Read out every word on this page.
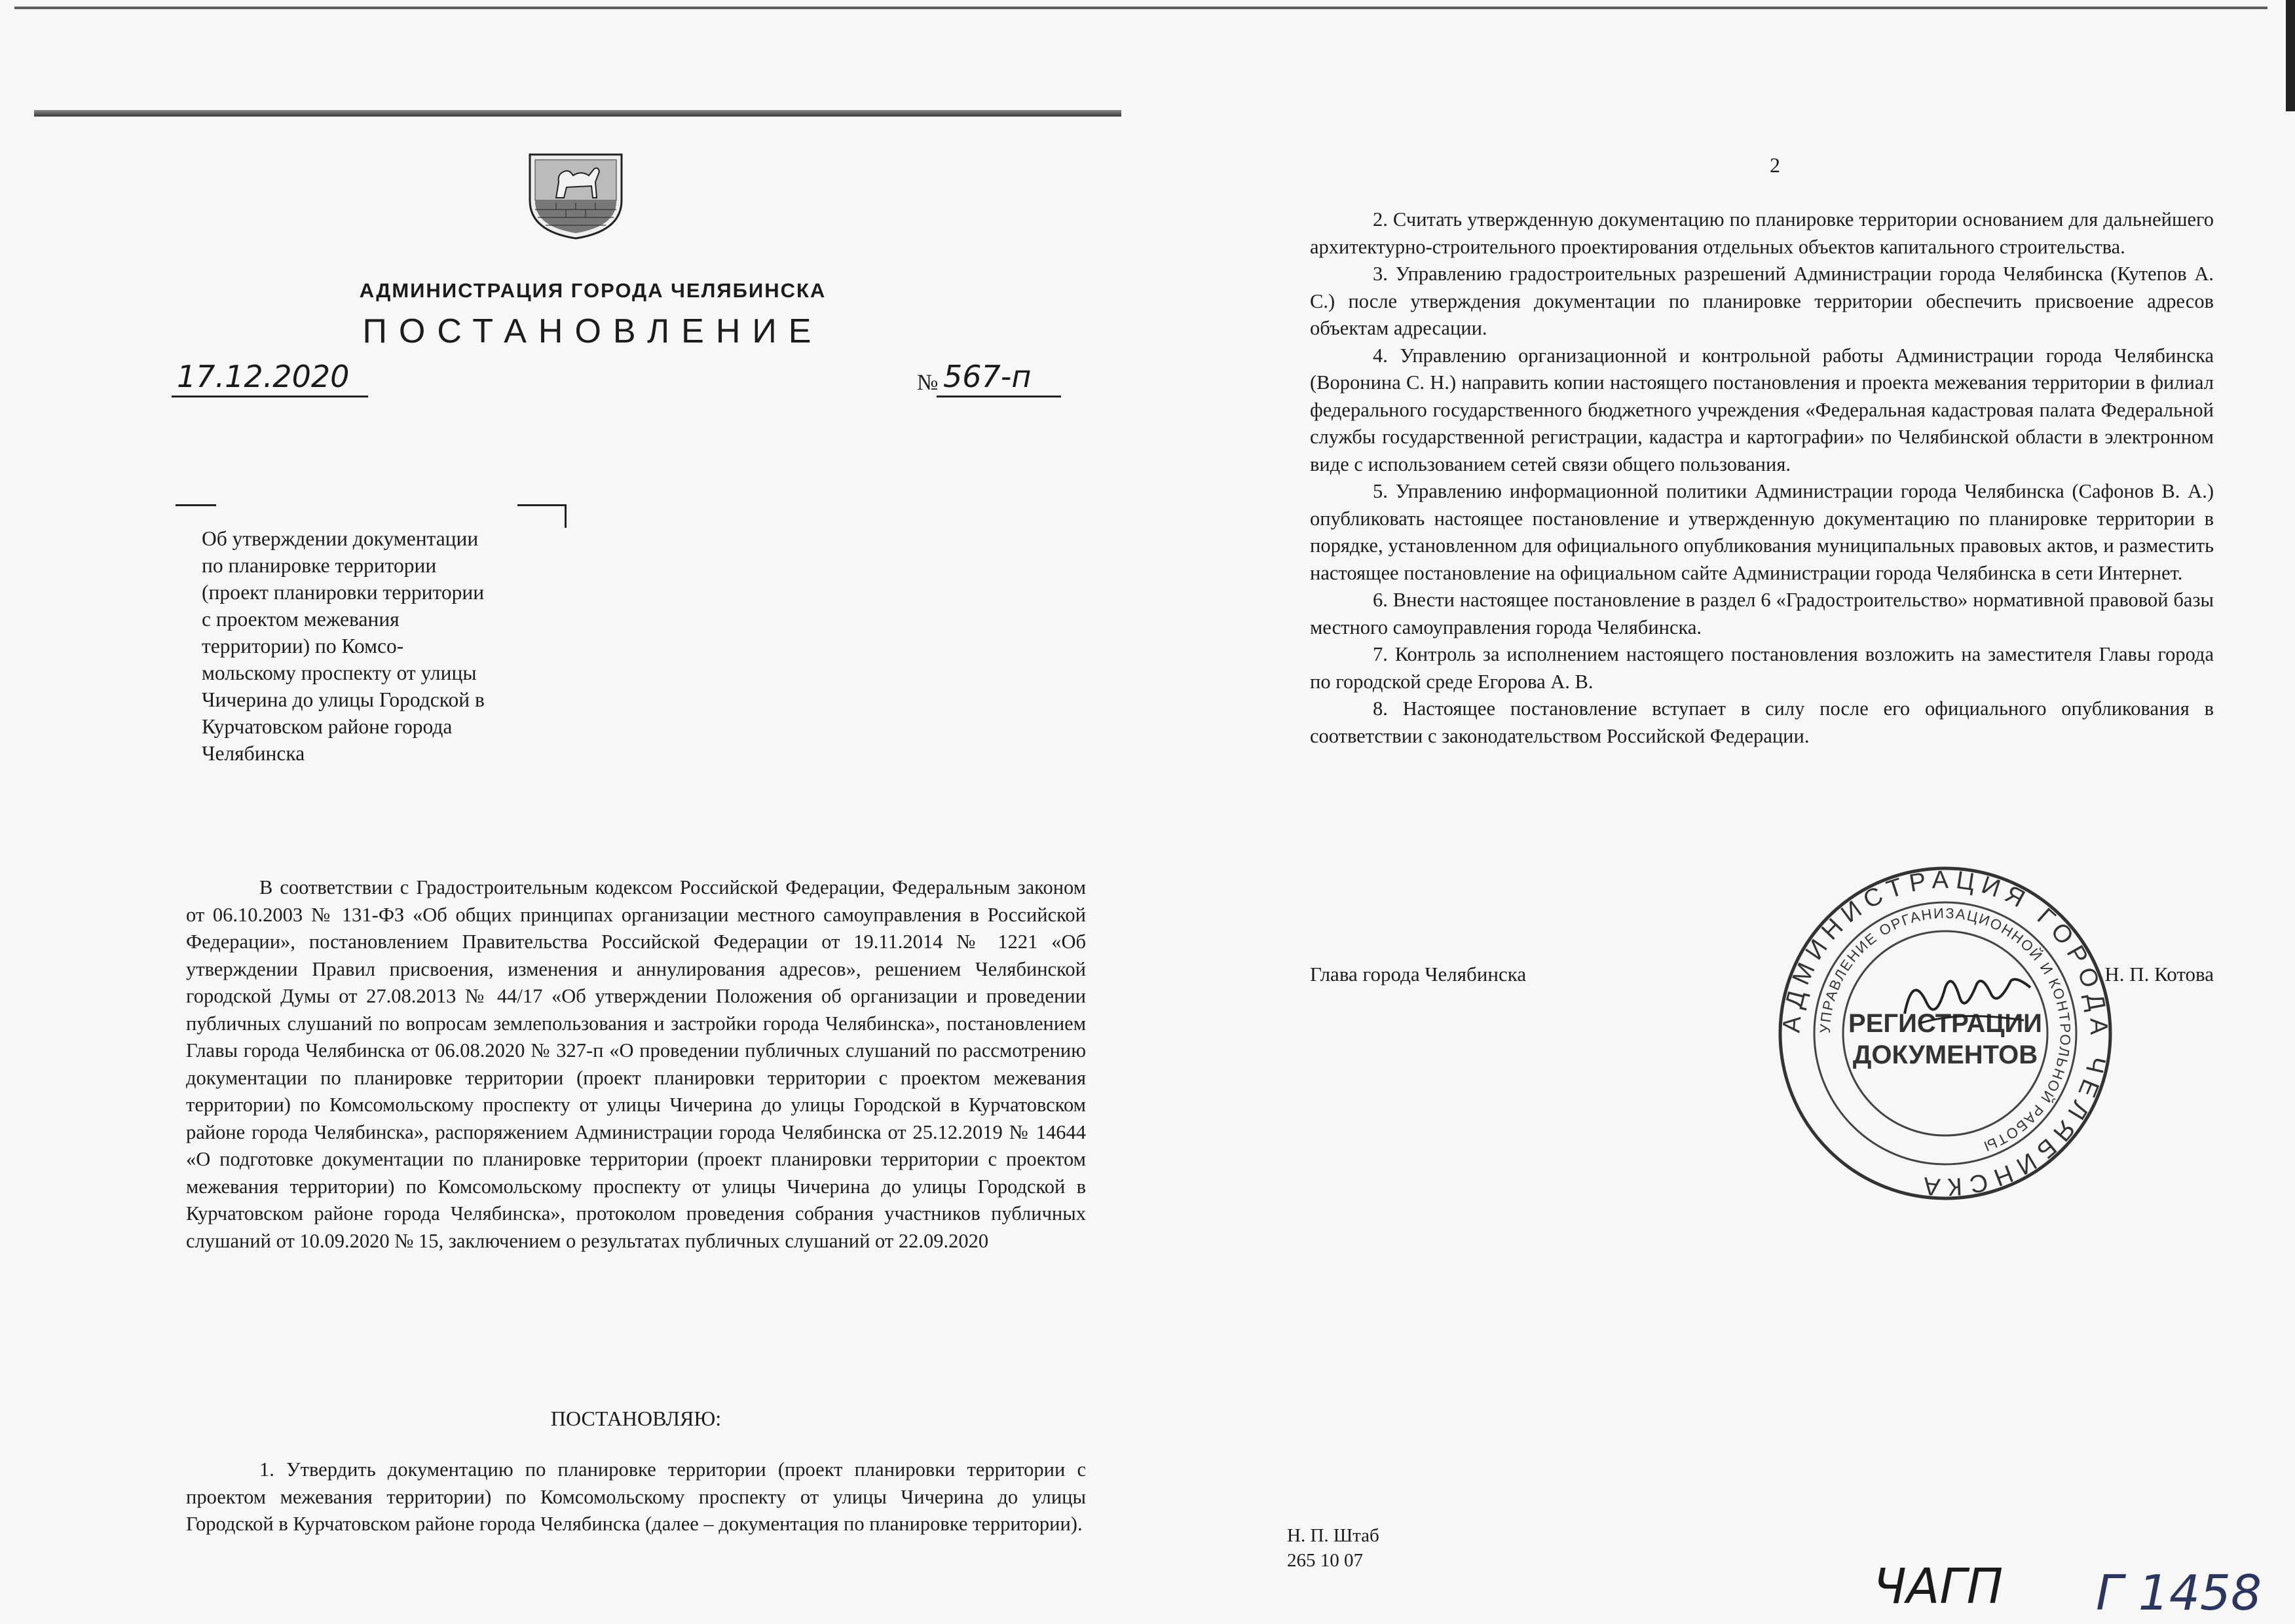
АДМИНИСТРАЦИЯ ГОРОДА ЧЕЛЯБИНСКА
ПОСТАНОВЛЕНИЕ
17.12.2020	№ 567-п
Об утверждении документации
по планировке территории
(проект планировки территории
с проектом межевания
территории) по Комсо-
мольскому проспекту от улицы
Чичерина до улицы Городской в
Курчатовском районе города
Челябинска
В соответствии с Градостроительным кодексом Российской Федерации, Федеральным законом от 06.10.2003 № 131-ФЗ «Об общих принципах организации местного самоуправления в Российской Федерации», постановлением Правительства Российской Федерации от 19.11.2014 № 1221 «Об утверждении Правил присвоения, изменения и аннулирования адресов», решением Челябинской городской Думы от 27.08.2013 № 44/17 «Об утверждении Положения об организации и проведении публичных слушаний по вопросам землепользования и застройки города Челябинска», постановлением Главы города Челябинска от 06.08.2020 № 327-п «О проведении публичных слушаний по рассмотрению документации по планировке территории (проект планировки территории с проектом межевания территории) по Комсомольскому проспекту от улицы Чичерина до улицы Городской в Курчатовском районе города Челябинска», распоряжением Администрации города Челябинска от 25.12.2019 № 14644 «О подготовке документации по планировке территории (проект планировки территории с проектом межевания территории) по Комсомольскому проспекту от улицы Чичерина до улицы Городской в Курчатовском районе города Челябинска», протоколом проведения собрания участников публичных слушаний от 10.09.2020 № 15, заключением о результатах публичных слушаний от 22.09.2020
ПОСТАНОВЛЯЮ:
1. Утвердить документацию по планировке территории (проект планировки территории с проектом межевания территории) по Комсомольскому проспекту от улицы Чичерина до улицы Городской в Курчатовском районе города Челябинска (далее – документация по планировке территории).
2

2. Считать утвержденную документацию по планировке территории основанием для дальнейшего архитектурно-строительного проектирования отдельных объектов капитального строительства.

3. Управлению градостроительных разрешений Администрации города Челябинска (Кутепов А. С.) после утверждения документации по планировке территории обеспечить присвоение адресов объектам адресации.

4. Управлению организационной и контрольной работы Администрации города Челябинска (Воронина С. Н.) направить копии настоящего постановления и проекта межевания территории в филиал федерального государственного бюджетного учреждения «Федеральная кадастровая палата Федеральной службы государственной регистрации, кадастра и картографии» по Челябинской области в электронном виде с использованием сетей связи общего пользования.

5. Управлению информационной политики Администрации города Челябинска (Сафонов В. А.) опубликовать настоящее постановление и утвержденную документацию по планировке территории в порядке, установленном для официального опубликования муниципальных правовых актов, и разместить настоящее постановление на официальном сайте Администрации города Челябинска в сети Интернет.

6. Внести настоящее постановление в раздел 6 «Градостроительство» нормативной правовой базы местного самоуправления города Челябинска.

7. Контроль за исполнением настоящего постановления возложить на заместителя Главы города по городской среде Егорова А. В.

8. Настоящее постановление вступает в силу после его официального опубликования в соответствии с законодательством Российской Федерации.

АДМИНИСТРАЦИЯ ГОРОДА ЧЕЛЯБИНСКА
УПРАВЛЕНИЕ ОРГАНИЗАЦИОННОЙ И КОНТРОЛЬНОЙ РАБОТЫ
РЕГИСТРАЦИИ
ДОКУМЕНТОВ
Глава города Челябинска	Н. П. Котова
Н. П. Штаб
265 10 07	ЧАГП Г 1458
